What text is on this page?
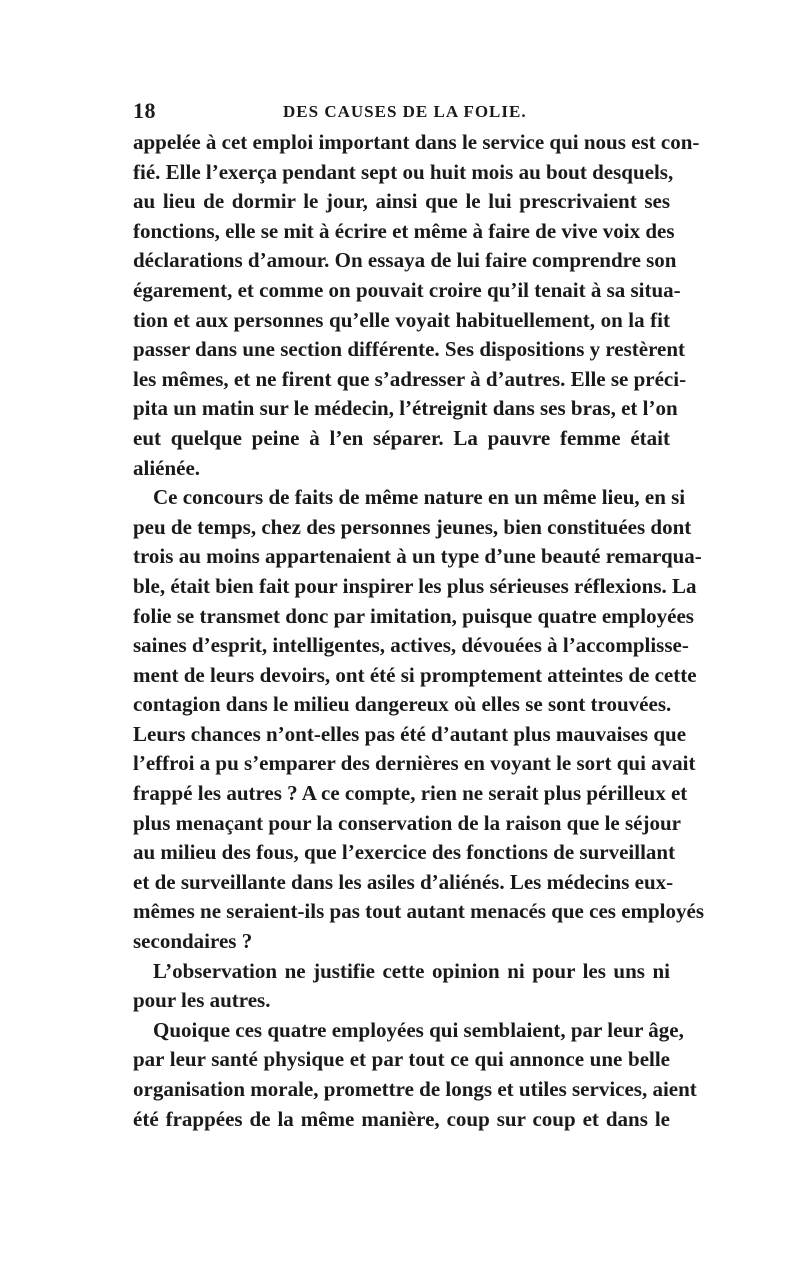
18	DES CAUSES DE LA FOLIE.
appelée à cet emploi important dans le service qui nous est con-
fié. Elle l’exerça pendant sept ou huit mois au bout desquels,
au lieu de dormir le jour, ainsi que le lui prescrivaient ses
fonctions, elle se mit à écrire et même à faire de vive voix des
déclarations d’amour. On essaya de lui faire comprendre son
égarement, et comme on pouvait croire qu’il tenait à sa situa-
tion et aux personnes qu’elle voyait habituellement, on la fit
passer dans une section différente. Ses dispositions y restèrent
les mêmes, et ne firent que s’adresser à d’autres. Elle se préci-
pita un matin sur le médecin, l’étreignit dans ses bras, et l’on
eut quelque peine à l’en séparer. La pauvre femme était
aliénée.
Ce concours de faits de même nature en un même lieu, en si
peu de temps, chez des personnes jeunes, bien constituées dont
trois au moins appartenaient à un type d’une beauté remarqua-
ble, était bien fait pour inspirer les plus sérieuses réflexions. La
folie se transmet donc par imitation, puisque quatre employées
saines d’esprit, intelligentes, actives, dévouées à l’accomplisse-
ment de leurs devoirs, ont été si promptement atteintes de cette
contagion dans le milieu dangereux où elles se sont trouvées.
Leurs chances n’ont-elles pas été d’autant plus mauvaises que
l’effroi a pu s’emparer des dernières en voyant le sort qui avait
frappé les autres ? A ce compte, rien ne serait plus périlleux et
plus menaçant pour la conservation de la raison que le séjour
au milieu des fous, que l’exercice des fonctions de surveillant
et de surveillante dans les asiles d’aliénés. Les médecins eux-
mêmes ne seraient-ils pas tout autant menacés que ces employés
secondaires ?
L’observation ne justifie cette opinion ni pour les uns ni
pour les autres.
Quoique ces quatre employées qui semblaient, par leur âge,
par leur santé physique et par tout ce qui annonce une belle
organisation morale, promettre de longs et utiles services, aient
été frappées de la même manière, coup sur coup et dans le
